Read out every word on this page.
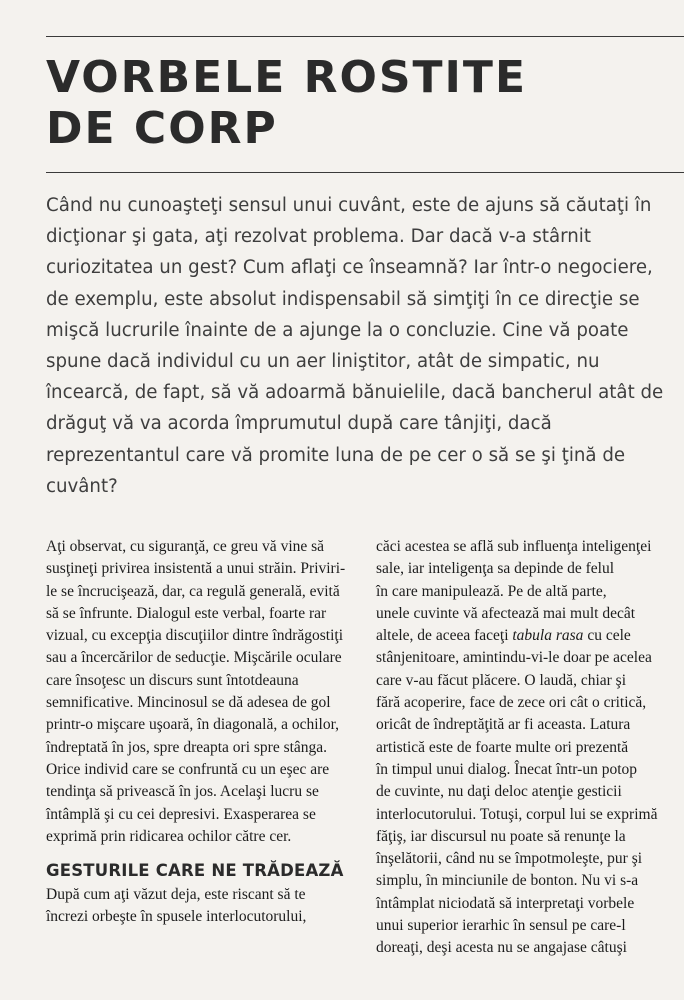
VORBELE ROSTITE
DE CORP

Când nu cunoaşteţi sensul unui cuvânt, este de ajuns să căutaţi în dicţionar şi gata, aţi rezolvat problema. Dar dacă v-a stârnit curiozitatea un gest? Cum aflaţi ce înseamnă? Iar într-o negociere, de exemplu, este absolut indispensabil să simţiţi în ce direcţie se mişcă lucrurile înainte de a ajunge la o concluzie. Cine vă poate spune dacă individul cu un aer liniştitor, atât de simpatic, nu încearcă, de fapt, să vă adoarmă bănuielile, dacă bancherul atât de drăguţ vă va acorda împrumutul după care tânjiţi, dacă reprezentantul care vă promite luna de pe cer o să se şi ţină de cuvânt?

Aţi observat, cu siguranţă, ce greu vă vine să
susţineţi privirea insistentă a unui străin. Priviri-
le se încrucişează, dar, ca regulă generală, evită
să se înfrunte. Dialogul este verbal, foarte rar
vizual, cu excepţia discuţiilor dintre îndrăgostiţi
sau a încercărilor de seducţie. Mişcările oculare
care însoţesc un discurs sunt întotdeauna
semnificative. Mincinosul se dă adesea de gol
printr-o mişcare uşoară, în diagonală, a ochilor,
îndreptată în jos, spre dreapta ori spre stânga.
Orice individ care se confruntă cu un eşec are
tendinţa să privească în jos. Acelaşi lucru se
întâmplă şi cu cei depresivi. Exasperarea se
exprimă prin ridicarea ochilor către cer.
GESTURILE CARE NE TRĂDEAZĂ
După cum aţi văzut deja, este riscant să te
încrezi orbeşte în spusele interlocutorului,
căci acestea se află sub influenţa inteligenţei
sale, iar inteligenţa sa depinde de felul
în care manipulează. Pe de altă parte,
unele cuvinte vă afectează mai mult decât
altele, de aceea faceţi tabula rasa cu cele
stânjenitoare, amintindu-vi-le doar pe acelea
care v-au făcut plăcere. O laudă, chiar şi
fără acoperire, face de zece ori cât o critică,
oricât de îndreptăţită ar fi aceasta. Latura
artistică este de foarte multe ori prezentă
în timpul unui dialog. Înecat într-un potop
de cuvinte, nu daţi deloc atenţie gesticii
interlocutorului. Totuşi, corpul lui se exprimă
făţiş, iar discursul nu poate să renunţe la
înşelătorii, când nu se împotmoleşte, pur şi
simplu, în minciunile de bonton. Nu vi s-a
întâmplat niciodată să interpretaţi vorbele
unui superior ierarhic în sensul pe care-l
doreaţi, deşi acesta nu se angajase câtuşi
